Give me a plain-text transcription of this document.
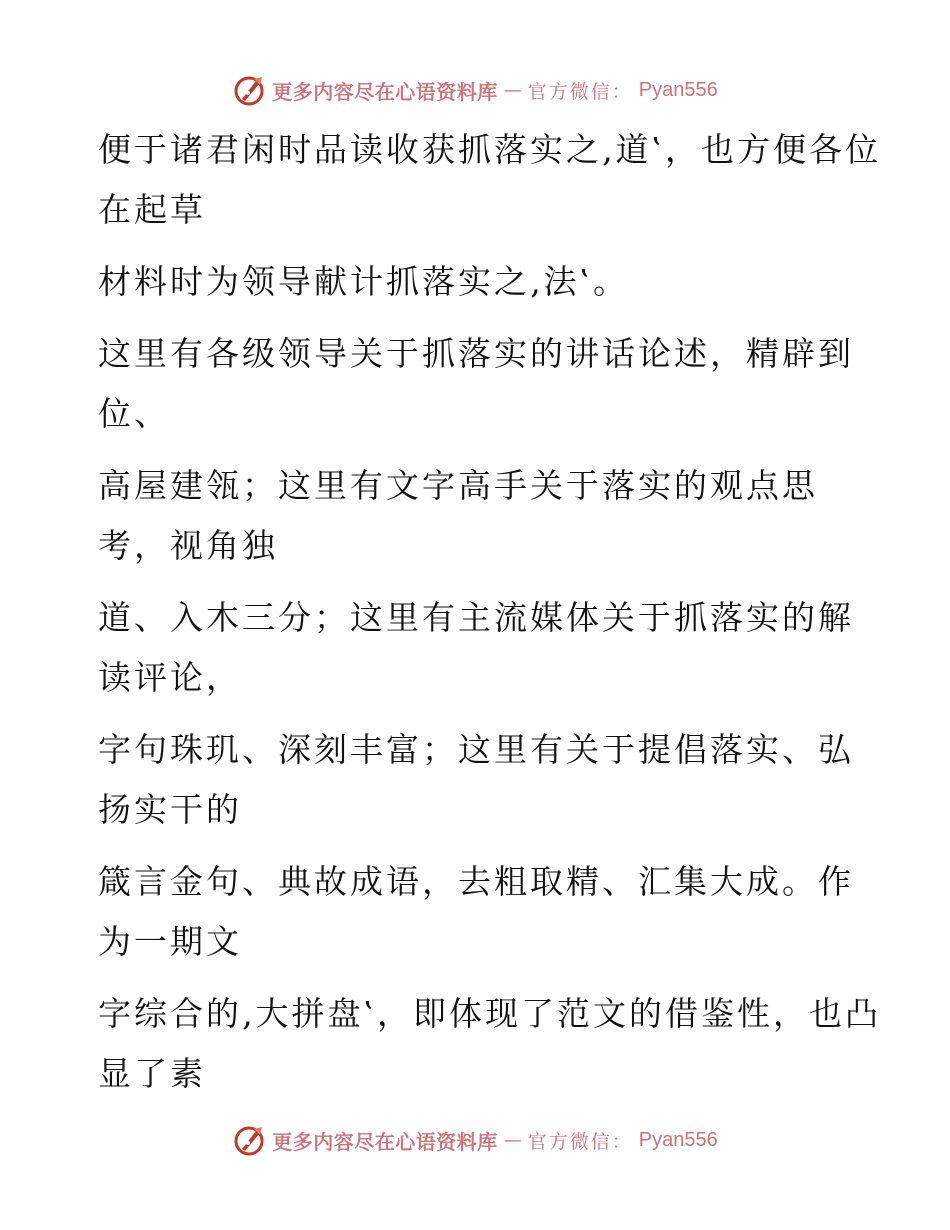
更多内容尽在心语资料库 — 官方微信： Pyan556

便于诸君闲时品读收获抓落实之‚道‛，也方便各位
在起草

材料时为领导献计抓落实之‚法‛。

这里有各级领导关于抓落实的讲话论述，精辟到
位、

高屋建瓴；这里有文字高手关于落实的观点思
考，视角独

道、入木三分；这里有主流媒体关于抓落实的解
读评论，

字句珠玑、深刻丰富；这里有关于提倡落实、弘
扬实干的

箴言金句、典故成语，去粗取精、汇集大成。作
为一期文

字综合的‚大拼盘‛，即体现了范文的借鉴性，也凸
显了素

更多内容尽在心语资料库 — 官方微信： Pyan556
